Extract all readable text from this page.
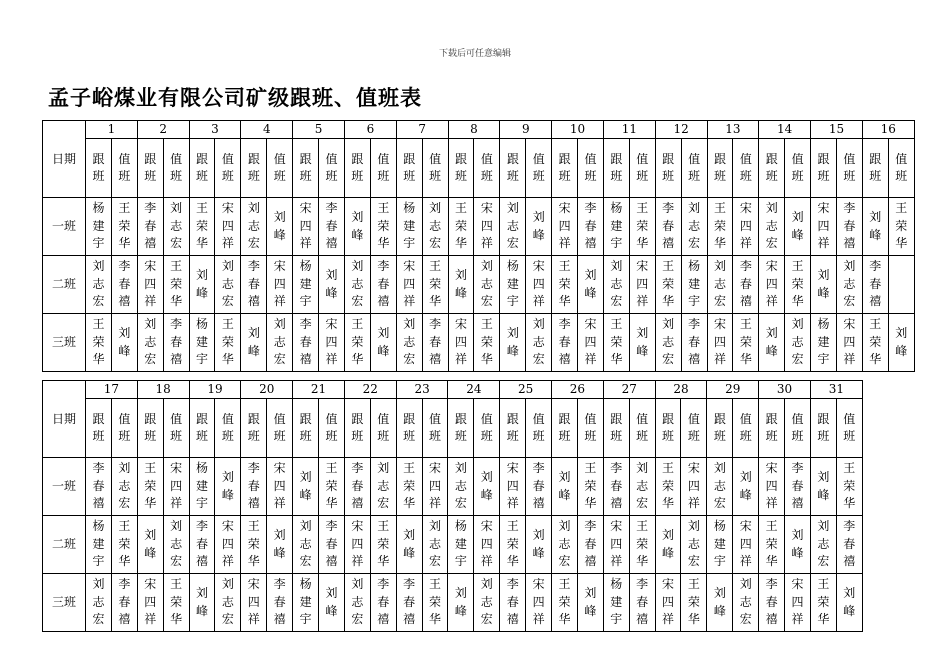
下载后可任意编辑
孟子峪煤业有限公司矿级跟班、值班表
日期	1		2		3		4		5		6		7		8		9		10		11		12		13		14		15		16	

	跟
班	值
班	跟
班	值
班	跟
班	值
班	跟
班	值
班	跟
班	值
班	跟
班	值
班	跟
班	值
班	跟
班	值
班	跟
班	值
班	跟
班	值
班	跟
班	值
班	跟
班	值
班	跟
班	值
班	跟
班	值
班	跟
班	值
班	跟
班	值
班

一班	杨
建
宇	王
荣
华	李
春
禧	刘
志
宏	王
荣
华	宋
四
祥	刘
志
宏	刘
峰	宋
四
祥	李
春
禧	刘
峰	王
荣
华	杨
建
宇	刘
志
宏	王
荣
华	宋
四
祥	刘
志
宏	刘
峰	宋
四
祥	李
春
禧	杨
建
宇	王
荣
华	李
春
禧	刘
志
宏	王
荣
华	宋
四
祥	刘
志
宏	刘
峰	宋
四
祥	李
春
禧	刘
峰	王
荣
华

二班	刘
志
宏	李
春
禧	宋
四
祥	王
荣
华	刘
峰	刘
志
宏	李
春
禧	宋
四
祥	杨
建
宇	刘
峰	刘
志
宏	李
春
禧	宋
四
祥	王
荣
华	刘
峰	刘
志
宏	杨
建
宇	宋
四
祥	王
荣
华	刘
峰	刘
志
宏	宋
四
祥	王
荣
华	杨
建
宇	刘
志
宏	李
春
禧	宋
四
祥	王
荣
华	刘
峰	刘
志
宏	李
春
禧	

三班	王
荣
华	刘
峰	刘
志
宏	李
春
禧	杨
建
宇	王
荣
华	刘
峰	刘
志
宏	李
春
禧	宋
四
祥	王
荣
华	刘
峰	刘
志
宏	李
春
禧	宋
四
祥	王
荣
华	刘
峰	刘
志
宏	李
春
禧	宋
四
祥	王
荣
华	刘
峰	刘
志
宏	李
春
禧	宋
四
祥	王
荣
华	刘
峰	刘
志
宏	杨
建
宇	宋
四
祥	王
荣
华	刘
峰
日期	17		18		19		20		21		22		23		24		25		26		27		28		29		30		31			

	跟
班	值
班	跟
班	值
班	跟
班	值
班	跟
班	值
班	跟
班	值
班	跟
班	值
班	跟
班	值
班	跟
班	值
班	跟
班	值
班	跟
班	值
班	跟
班	值
班	跟
班	值
班	跟
班	值
班	跟
班	值
班	跟
班	值
班		

一班	李
春
禧	刘
志
宏	王
荣
华	宋
四
祥	杨
建
宇	刘
峰	李
春
禧	宋
四
祥	刘
峰	王
荣
华	李
春
禧	刘
志
宏	王
荣
华	宋
四
祥	刘
志
宏	刘
峰	宋
四
祥	李
春
禧	刘
峰	王
荣
华	李
春
禧	刘
志
宏	王
荣
华	宋
四
祥	刘
志
宏	刘
峰	宋
四
祥	李
春
禧	刘
峰	王
荣
华		

二班	杨
建
宇	王
荣
华	刘
峰	刘
志
宏	李
春
禧	宋
四
祥	王
荣
华	刘
峰	刘
志
宏	李
春
禧	宋
四
祥	王
荣
华	刘
峰	刘
志
宏	杨
建
宇	宋
四
祥	王
荣
华	刘
峰	刘
志
宏	李
春
禧	宋
四
祥	王
荣
华	刘
峰	刘
志
宏	杨
建
宇	宋
四
祥	王
荣
华	刘
峰	刘
志
宏	李
春
禧		

三班	刘
志
宏	李
春
禧	宋
四
祥	王
荣
华	刘
峰	刘
志
宏	宋
四
祥	李
春
禧	杨
建
宇	刘
峰	刘
志
宏	李
春
禧	李
春
禧	王
荣
华	刘
峰	刘
志
宏	李
春
禧	宋
四
祥	王
荣
华	刘
峰	杨
建
宇	李
春
禧	宋
四
祥	王
荣
华	刘
峰	刘
志
宏	李
春
禧	宋
四
祥	王
荣
华	刘
峰		
